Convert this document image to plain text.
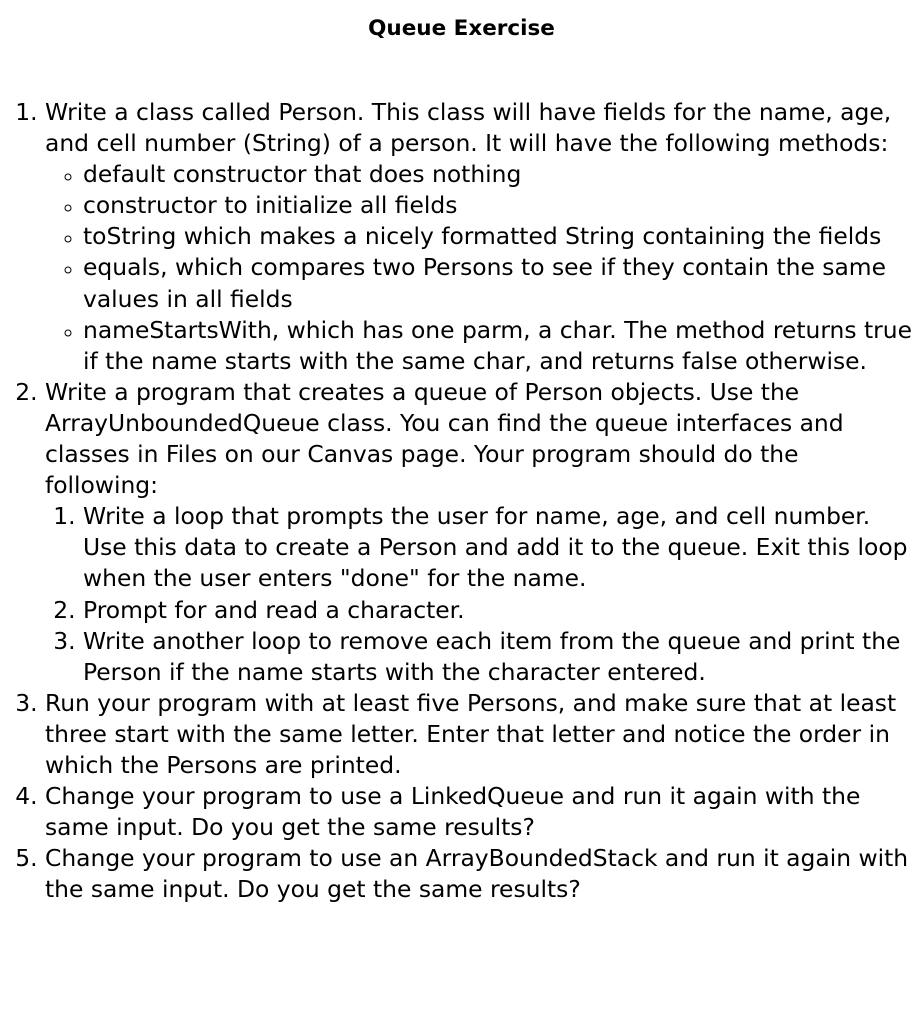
Queue Exercise
1. Write a class called Person. This class will have fields for the name, age, and cell number (String) of a person. It will have the following methods:
◦ default constructor that does nothing
◦ constructor to initialize all fields
◦ toString which makes a nicely formatted String containing the fields
◦ equals, which compares two Persons to see if they contain the same values in all fields
◦ nameStartsWith, which has one parm, a char. The method returns true if the name starts with the same char, and returns false otherwise.
2. Write a program that creates a queue of Person objects. Use the ArrayUnboundedQueue class. You can find the queue interfaces and classes in Files on our Canvas page. Your program should do the following:
1. Write a loop that prompts the user for name, age, and cell number. Use this data to create a Person and add it to the queue. Exit this loop when the user enters "done" for the name.
2. Prompt for and read a character.
3. Write another loop to remove each item from the queue and print the Person if the name starts with the character entered.
3. Run your program with at least five Persons, and make sure that at least three start with the same letter. Enter that letter and notice the order in which the Persons are printed.
4. Change your program to use a LinkedQueue and run it again with the same input. Do you get the same results?
5. Change your program to use an ArrayBoundedStack and run it again with the same input. Do you get the same results?
